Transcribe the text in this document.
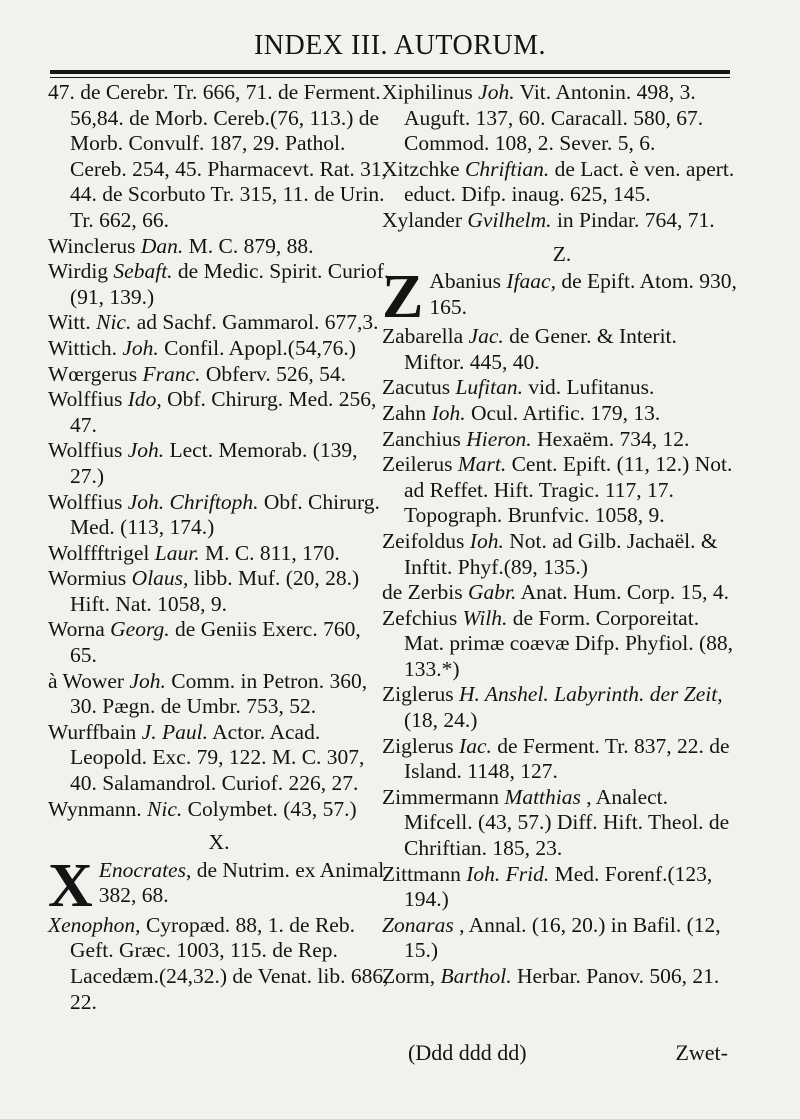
INDEX III. AUTORUM.

47. de Cerebr. Tr. 666, 71. de Ferment. 56,84. de Morb. Cereb.(76, 113.) de Morb. Convulf. 187, 29. Pathol. Cereb. 254, 45. Pharmacevt. Rat. 31, 44. de Scorbuto Tr. 315, 11. de Urin. Tr. 662, 66.

Winclerus Dan. M. C. 879, 88.

Wirdig Sebaft. de Medic. Spirit. Curiof.(91, 139.)

Witt. Nic. ad Sachf. Gammarol. 677,3.

Wittich. Joh. Confil. Apopl.(54,76.)

Wœrgerus Franc. Obferv. 526, 54.

Wolffius Ido, Obf. Chirurg. Med. 256, 47.

Wolffius Joh. Lect. Memorab. (139, 27.)

Wolffius Joh. Chriftoph. Obf. Chirurg. Med. (113, 174.)

Wolffftrigel Laur. M. C. 811, 170.

Wormius Olaus, libb. Muf. (20, 28.) Hift. Nat. 1058, 9.

Worna Georg. de Geniis Exerc. 760, 65.

à Wower Joh. Comm. in Petron. 360, 30. Pægn. de Umbr. 753, 52.

Wurffbain J. Paul. Actor. Acad. Leopold. Exc. 79, 122. M. C. 307, 40. Salamandrol. Curiof. 226, 27.

Wynmann. Nic. Colymbet. (43, 57.)

X.
X Enocrates, de Nutrim. ex Animal. 382, 68.

Xenophon, Cyropæd. 88, 1. de Reb. Geft. Græc. 1003, 115. de Rep. Lacedæm.(24,32.) de Venat. lib. 686, 22.

Xiphilinus Joh. Vit. Antonin. 498, 3. Auguft. 137, 60. Caracall. 580, 67. Commod. 108, 2. Sever. 5, 6.

Xitzchke Chriftian. de Lact. è ven. apert. educt. Difp. inaug. 625, 145.

Xylander Gvilhelm. in Pindar. 764, 71.

Z.
Z Abanius Ifaac, de Epift. Atom. 930, 165.

Zabarella Jac. de Gener. & Interit. Miftor. 445, 40.

Zacutus Lufitan. vid. Lufitanus.

Zahn Ioh. Ocul. Artific. 179, 13.

Zanchius Hieron. Hexaëm. 734, 12.

Zeilerus Mart. Cent. Epift. (11, 12.) Not. ad Reffet. Hift. Tragic. 117, 17. Topograph. Brunfvic. 1058, 9.

Zeifoldus Ioh. Not. ad Gilb. Jachaël. & Inftit. Phyf.(89, 135.)

de Zerbis Gabr. Anat. Hum. Corp. 15, 4.

Zefchius Wilh. de Form. Corporeitat. Mat. primæ coævæ Difp. Phyfiol. (88, 133.*)

Ziglerus H. Anshel. Labyrinth. der Zeit, (18, 24.)

Ziglerus Iac. de Ferment. Tr. 837, 22. de Island. 1148, 127.

Zimmermann Matthias , Analect. Mifcell. (43, 57.) Diff. Hift. Theol. de Chriftian. 185, 23.

Zittmann Ioh. Frid. Med. Forenf.(123, 194.)

Zonaras , Annal. (16, 20.) in Bafil. (12, 15.)

Zorm, Barthol. Herbar. Panov. 506, 21.

(Ddd ddd dd)	Zwet-
